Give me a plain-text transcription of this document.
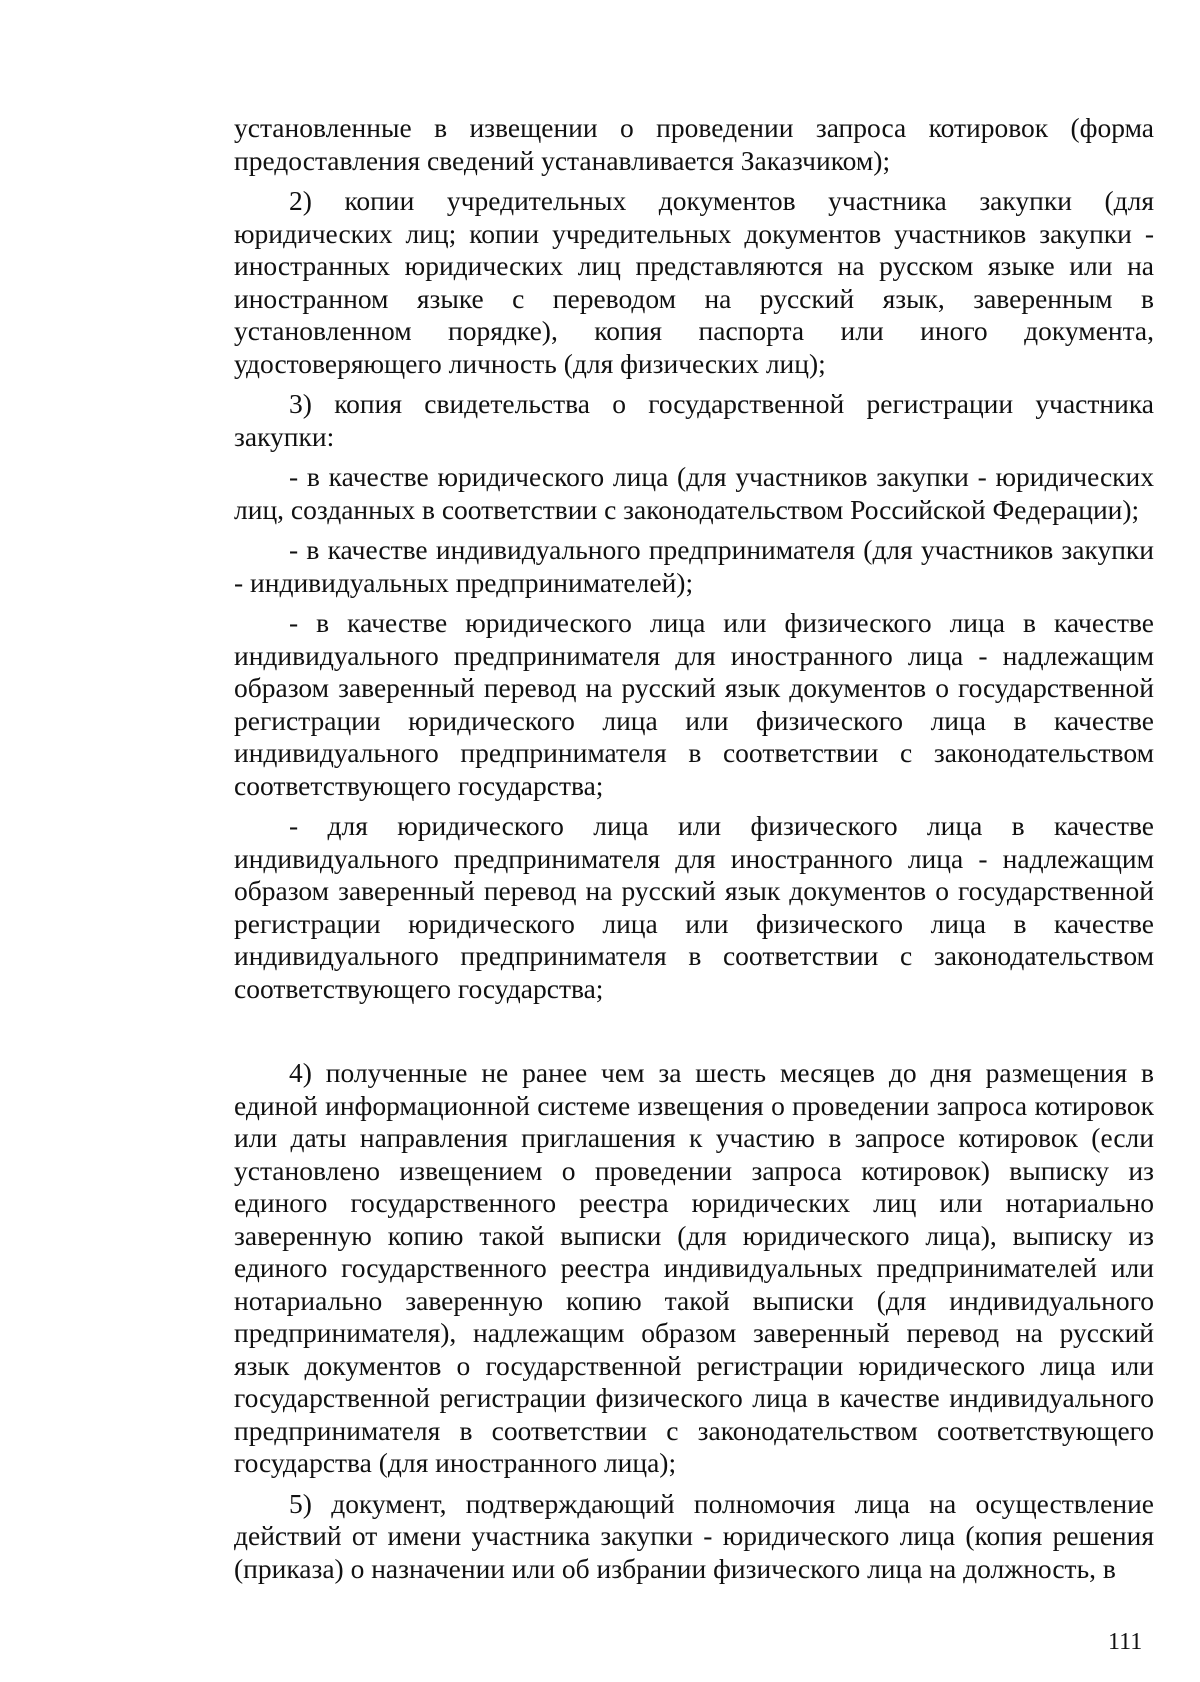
установленные в извещении о проведении запроса котировок (форма предоставления сведений устанавливается Заказчиком);

2) копии учредительных документов участника закупки (для юридических лиц; копии учредительных документов участников закупки - иностранных юридических лиц представляются на русском языке или на иностранном языке с переводом на русский язык, заверенным в установленном порядке), копия паспорта или иного документа, удостоверяющего личность (для физических лиц);

3) копия свидетельства о государственной регистрации участника закупки:

- в качестве юридического лица (для участников закупки - юридических лиц, созданных в соответствии с законодательством Российской Федерации);

- в качестве индивидуального предпринимателя (для участников закупки - индивидуальных предпринимателей);

- в качестве юридического лица или физического лица в качестве индивидуального предпринимателя для иностранного лица - надлежащим образом заверенный перевод на русский язык документов о государственной регистрации юридического лица или физического лица в качестве индивидуального предпринимателя в соответствии с законодательством соответствующего государства;

- для юридического лица или физического лица в качестве индивидуального предпринимателя для иностранного лица - надлежащим образом заверенный перевод на русский язык документов о государственной регистрации юридического лица или физического лица в качестве индивидуального предпринимателя в соответствии с законодательством соответствующего государства;

4) полученные не ранее чем за шесть месяцев до дня размещения в единой информационной системе извещения о проведении запроса котировок или даты направления приглашения к участию в запросе котировок (если установлено извещением о проведении запроса котировок) выписку из единого государственного реестра юридических лиц или нотариально заверенную копию такой выписки (для юридического лица), выписку из единого государственного реестра индивидуальных предпринимателей или нотариально заверенную копию такой выписки (для индивидуального предпринимателя), надлежащим образом заверенный перевод на русский язык документов о государственной регистрации юридического лица или государственной регистрации физического лица в качестве индивидуального предпринимателя в соответствии с законодательством соответствующего государства (для иностранного лица);

5) документ, подтверждающий полномочия лица на осуществление действий от имени участника закупки - юридического лица (копия решения (приказа) о назначении или об избрании физического лица на должность, в

111
